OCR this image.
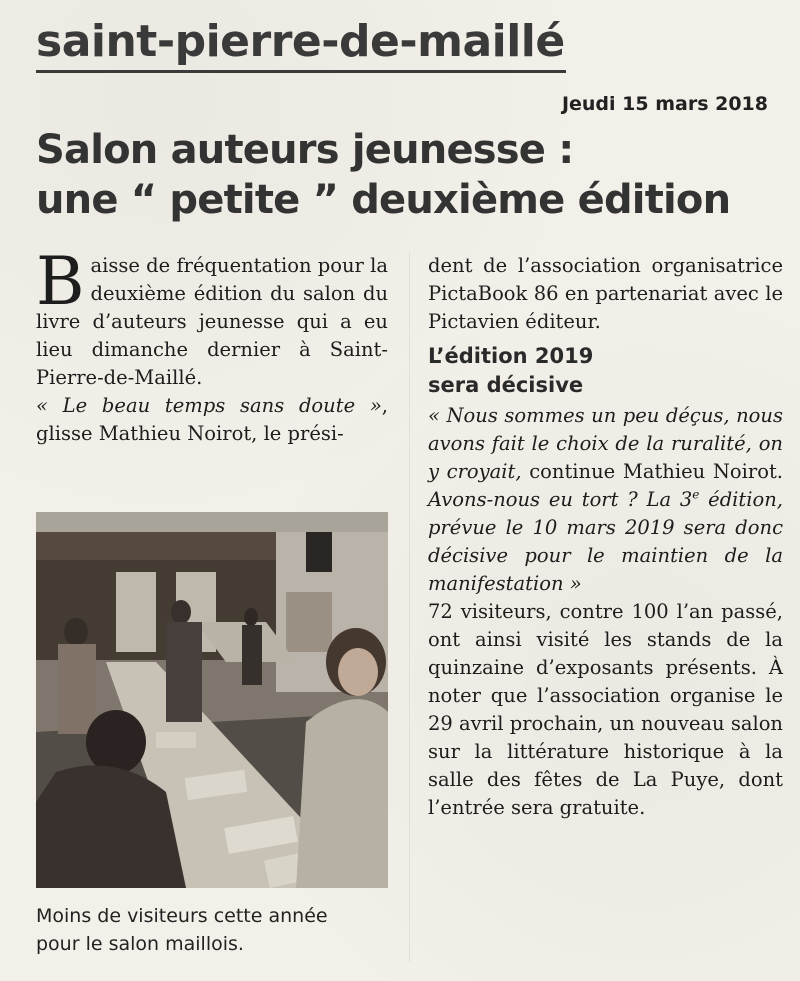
saint-pierre-de-maillé
Jeudi 15 mars 2018
Salon auteurs jeunesse :
une “ petite ” deuxième édition

Baisse de fréquentation pour la deuxième édition du salon du livre d’auteurs jeunesse qui a eu lieu dimanche dernier à Saint-Pierre-de-Maillé.

« Le beau temps sans doute », glisse Mathieu Noirot, le prési-

Moins de visiteurs cette année
pour le salon maillois.

dent de l’association organisatrice PictaBook 86 en partenariat avec le Pictavien éditeur.

L’édition 2019
sera décisive

« Nous sommes un peu déçus, nous avons fait le choix de la ruralité, on y croyait, continue Mathieu Noirot. Avons-nous eu tort ? La 3e édition, prévue le 10 mars 2019 sera donc décisive pour le maintien de la manifestation »

72 visiteurs, contre 100 l’an passé, ont ainsi visité les stands de la quinzaine d’exposants présents. À noter que l’association organise le 29 avril prochain, un nouveau salon sur la littérature historique à la salle des fêtes de La Puye, dont l’entrée sera gratuite.
